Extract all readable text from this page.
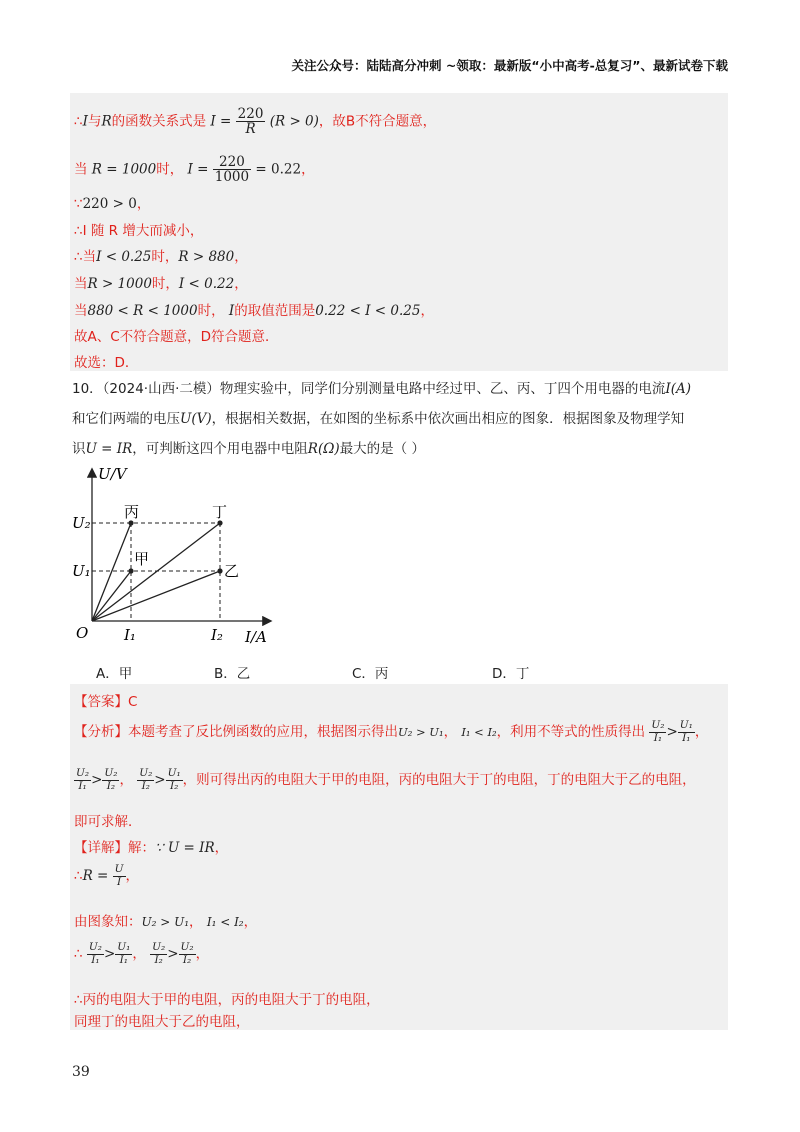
关注公众号：陆陆高分冲刺 ~领取：最新版“小中高考-总复习”、最新试卷下载
∴I与R的函数关系式是 $I = \frac{220}{R} (R > 0)$，故B不符合题意，
当 R = 1000时， $I = \frac{220}{1000} = 0.22$，
∵220 > 0，
∴I 随 R 增大而减小，
∴当I < 0.25时，R > 880，
当R > 1000时，I < 0.22，
当880 < R < 1000时， I的取值范围是0.22 < I < 0.25，
故A、C不符合题意，D符合题意．
故选：D．
10．（2024·山西·二模）物理实验中，同学们分别测量电路中经过甲、乙、丙、丁四个用电器的电流I(A)
和它们两端的电压U(V)，根据相关数据，在如图的坐标系中依次画出相应的图象．根据图象及物理学知
识U = IR，可判断这四个用电器中电阻R(Ω)最大的是（ ）
U/V
I/A
O
U₂
U₁
I₁	I₂
丙
甲
丁
乙
A．甲	B．乙	C．丙	D．丁
【答案】C
【分析】本题考查了反比例函数的应用，根据图示得出U₂ > U₁， I₁ < I₂，利用不等式的性质得出 $\frac{\text{U₂}}{\text{I₁}} > \frac{\text{U₁}}{\text{I₁}}$ ，
$\frac{\text{U₂}}{\text{I₁}} > \frac{\text{U₂}}{\text{I₂}}$ ， $\frac{\text{U₂}}{\text{I₂}} > \frac{\text{U₁}}{\text{I₂}}$ ，则可得出丙的电阻大于甲的电阻，丙的电阻大于丁的电阻，丁的电阻大于乙的电阻，
即可求解．
【详解】解：∵ U = IR，
∴R = $\frac{U}{I}$ ，
由图象知：U₂ > U₁， I₁ < I₂，
∴ $\frac{\text{U₂}}{\text{I₁}} > \frac{\text{U₁}}{\text{I₁}}$ ， $\frac{\text{U₂}}{\text{I₂}} > \frac{\text{U₂}}{\text{I₂}}$ ，
∴丙的电阻大于甲的电阻，丙的电阻大于丁的电阻，
同理丁的电阻大于乙的电阻，
39
